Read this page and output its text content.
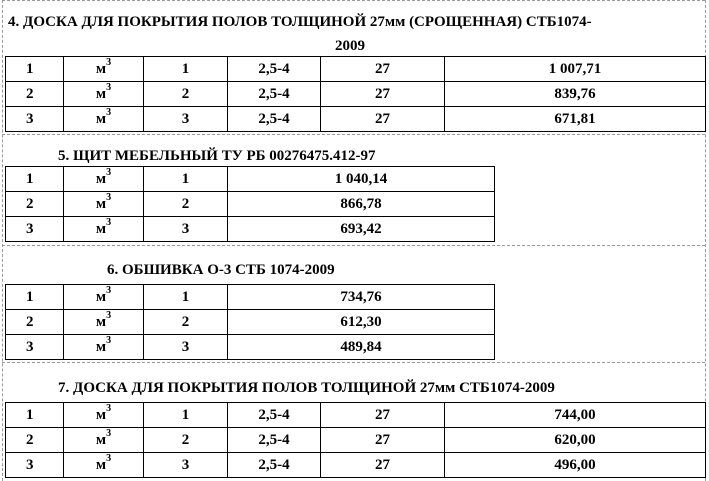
4. ДОСКА ДЛЯ ПОКРЫТИЯ ПОЛОВ ТОЛЩИНОЙ 27мм (СРОЩЕННАЯ) СТБ1074-
2009
1	$м^3$	1	2,5-4	27	1 007,71
2	$м^3$	2	2,5-4	27	839,76
3	$м^3$	3	2,5-4	27	671,81
5. ЩИТ МЕБЕЛЬНЫЙ ТУ РБ 00276475.412-97
1	$м^3$	1	1 040,14
2	$м^3$	2	866,78
3	$м^3$	3	693,42
6. ОБШИВКА О-3 СТБ 1074-2009
1	$м^3$	1	734,76
2	$м^3$	2	612,30
3	$м^3$	3	489,84
7. ДОСКА ДЛЯ ПОКРЫТИЯ ПОЛОВ ТОЛЩИНОЙ 27мм СТБ1074-2009
1	$м^3$	1	2,5-4	27	744,00
2	$м^3$	2	2,5-4	27	620,00
3	$м^3$	3	2,5-4	27	496,00
